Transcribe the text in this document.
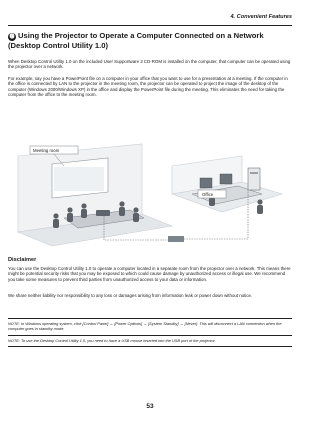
4. Convenient Features
⓬ Using the Projector to Operate a Computer Connected on a Network (Desktop Control Utility 1.0)

When Desktop Control Utility 1.0 on the included User Supportware 3 CD-ROM is installed on the computer, that computer can be operated using the projector over a network.

For example, say you have a PowerPoint file on a computer in your office that you want to use for a presentation at a meeting. If the computer in the office is connected by LAN to the projector in the meeting room, the projector can be operated to project the image of the desktop of the computer (Windows 2000/Windows XP) in the office and display the PowerPoint file during the meeting. This eliminates the need for taking the computer from the office to the meeting room.

Meeting room
Office
Disclaimer

You can use the Desktop Control Utility 1.0 to operate a computer located in a separate room from the projector over a network. This means there might be potential security risks that you may be exposed to which could cause damage by unauthorized access or illegal use. We recommend you take some measures to prevent third parties from unauthorized access to your data or information.

We share neither liability nor responsibility to any loss or damages arising from information leak or power down without notice.

NOTE: In Windows operating system, click [Control Panel] → [Power Options] → [System Standby] → [Never]. This will disconnect a LAN connection when the computer goes in standby mode.
NOTE: To use the Desktop Control Utility 1.0, you need to have a USB mouse inserted into the USB port of the projector.
53
